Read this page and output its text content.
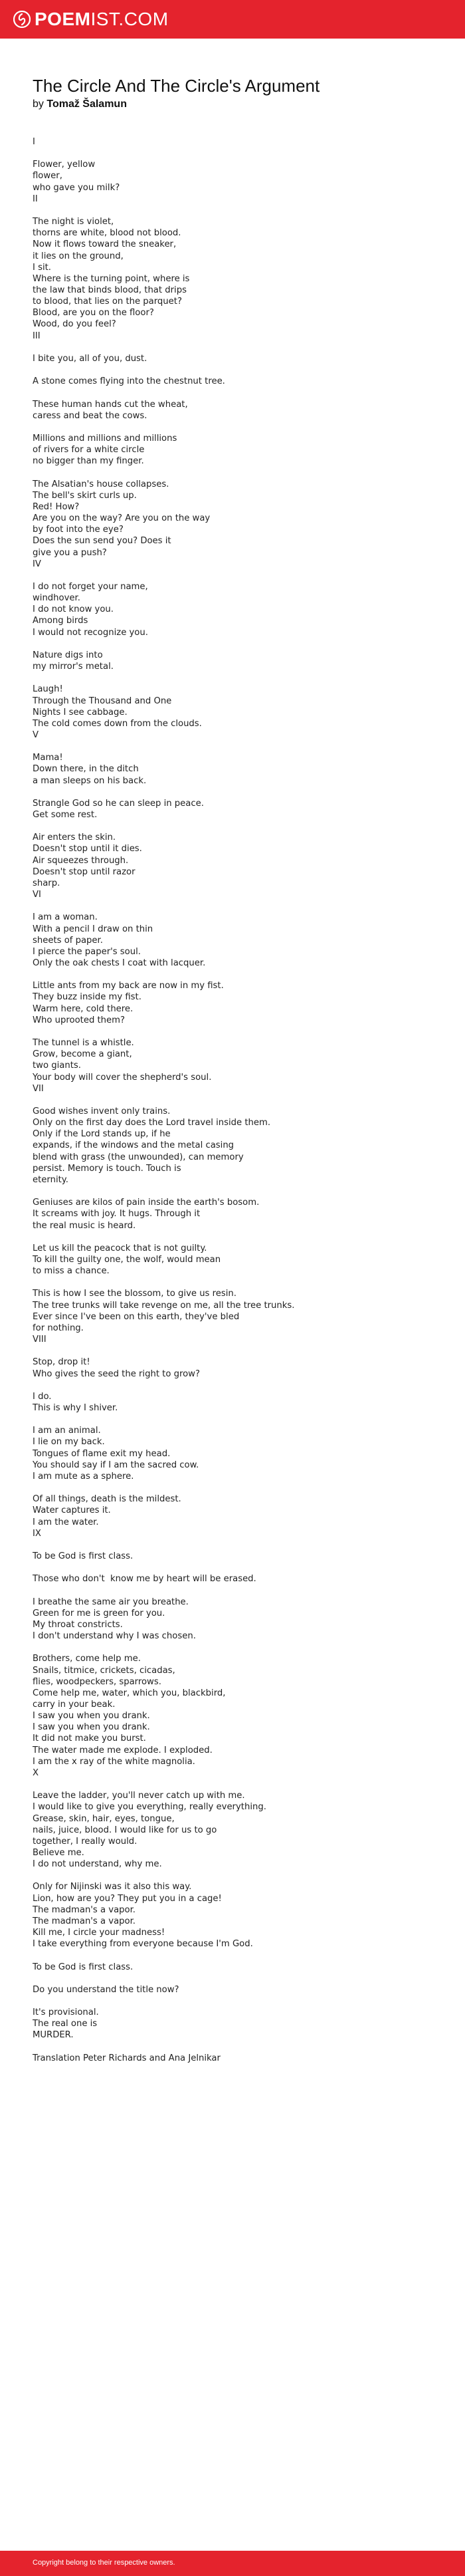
POEM IST.COM
The Circle And The Circle's Argument
by Tomaž Šalamun
I
Flower, yellow
flower,
who gave you milk?
II
The night is violet,
thorns are white, blood not blood.
Now it flows toward the sneaker,
it lies on the ground,
I sit.
Where is the turning point, where is
the law that binds blood, that drips
to blood, that lies on the parquet?
Blood, are you on the floor?
Wood, do you feel?
III
I bite you, all of you, dust.
A stone comes flying into the chestnut tree.
These human hands cut the wheat,
caress and beat the cows.
Millions and millions and millions
of rivers for a white circle
no bigger than my finger.
The Alsatian's house collapses.
The bell's skirt curls up.
Red! How?
Are you on the way? Are you on the way
by foot into the eye?
Does the sun send you? Does it
give you a push?
IV
I do not forget your name,
windhover.
I do not know you.
Among birds
I would not recognize you.
Nature digs into
my mirror's metal.
Laugh!
Through the Thousand and One
Nights I see cabbage.
The cold comes down from the clouds.
V
Mama!
Down there, in the ditch
a man sleeps on his back.
Strangle God so he can sleep in peace.
Get some rest.
Air enters the skin.
Doesn't stop until it dies.
Air squeezes through.
Doesn't stop until razor
sharp.
VI
I am a woman.
With a pencil I draw on thin
sheets of paper.
I pierce the paper's soul.
Only the oak chests I coat with lacquer.
Little ants from my back are now in my fist.
They buzz inside my fist.
Warm here, cold there.
Who uprooted them?
The tunnel is a whistle.
Grow, become a giant,
two giants.
Your body will cover the shepherd's soul.
VII
Good wishes invent only trains.
Only on the first day does the Lord travel inside them.
Only if the Lord stands up, if he
expands, if the windows and the metal casing
blend with grass (the unwounded), can memory
persist. Memory is touch. Touch is
eternity.
Geniuses are kilos of pain inside the earth's bosom.
It screams with joy. It hugs. Through it
the real music is heard.
Let us kill the peacock that is not guilty.
To kill the guilty one, the wolf, would mean
to miss a chance.
This is how I see the blossom, to give us resin.
The tree trunks will take revenge on me, all the tree trunks.
Ever since I've been on this earth, they've bled
for nothing.
VIII
Stop, drop it!
Who gives the seed the right to grow?
I do.
This is why I shiver.
I am an animal.
I lie on my back.
Tongues of flame exit my head.
You should say if I am the sacred cow.
I am mute as a sphere.
Of all things, death is the mildest.
Water captures it.
I am the water.
IX
To be God is first class.
Those who don't  know me by heart will be erased.
I breathe the same air you breathe.
Green for me is green for you.
My throat constricts.
I don't understand why I was chosen.
Brothers, come help me.
Snails, titmice, crickets, cicadas,
flies, woodpeckers, sparrows.
Come help me, water, which you, blackbird,
carry in your beak.
I saw you when you drank.
I saw you when you drank.
It did not make you burst.
The water made me explode. I exploded.
I am the x ray of the white magnolia.
X
Leave the ladder, you'll never catch up with me.
I would like to give you everything, really everything.
Grease, skin, hair, eyes, tongue,
nails, juice, blood. I would like for us to go
together, I really would.
Believe me.
I do not understand, why me.
Only for Nijinski was it also this way.
Lion, how are you? They put you in a cage!
The madman's a vapor.
The madman's a vapor.
Kill me, I circle your madness!
I take everything from everyone because I'm God.
To be God is first class.
Do you understand the title now?
It's provisional.
The real one is
MURDER.
Translation Peter Richards and Ana Jelnikar
Copyright belong to their respective owners.
